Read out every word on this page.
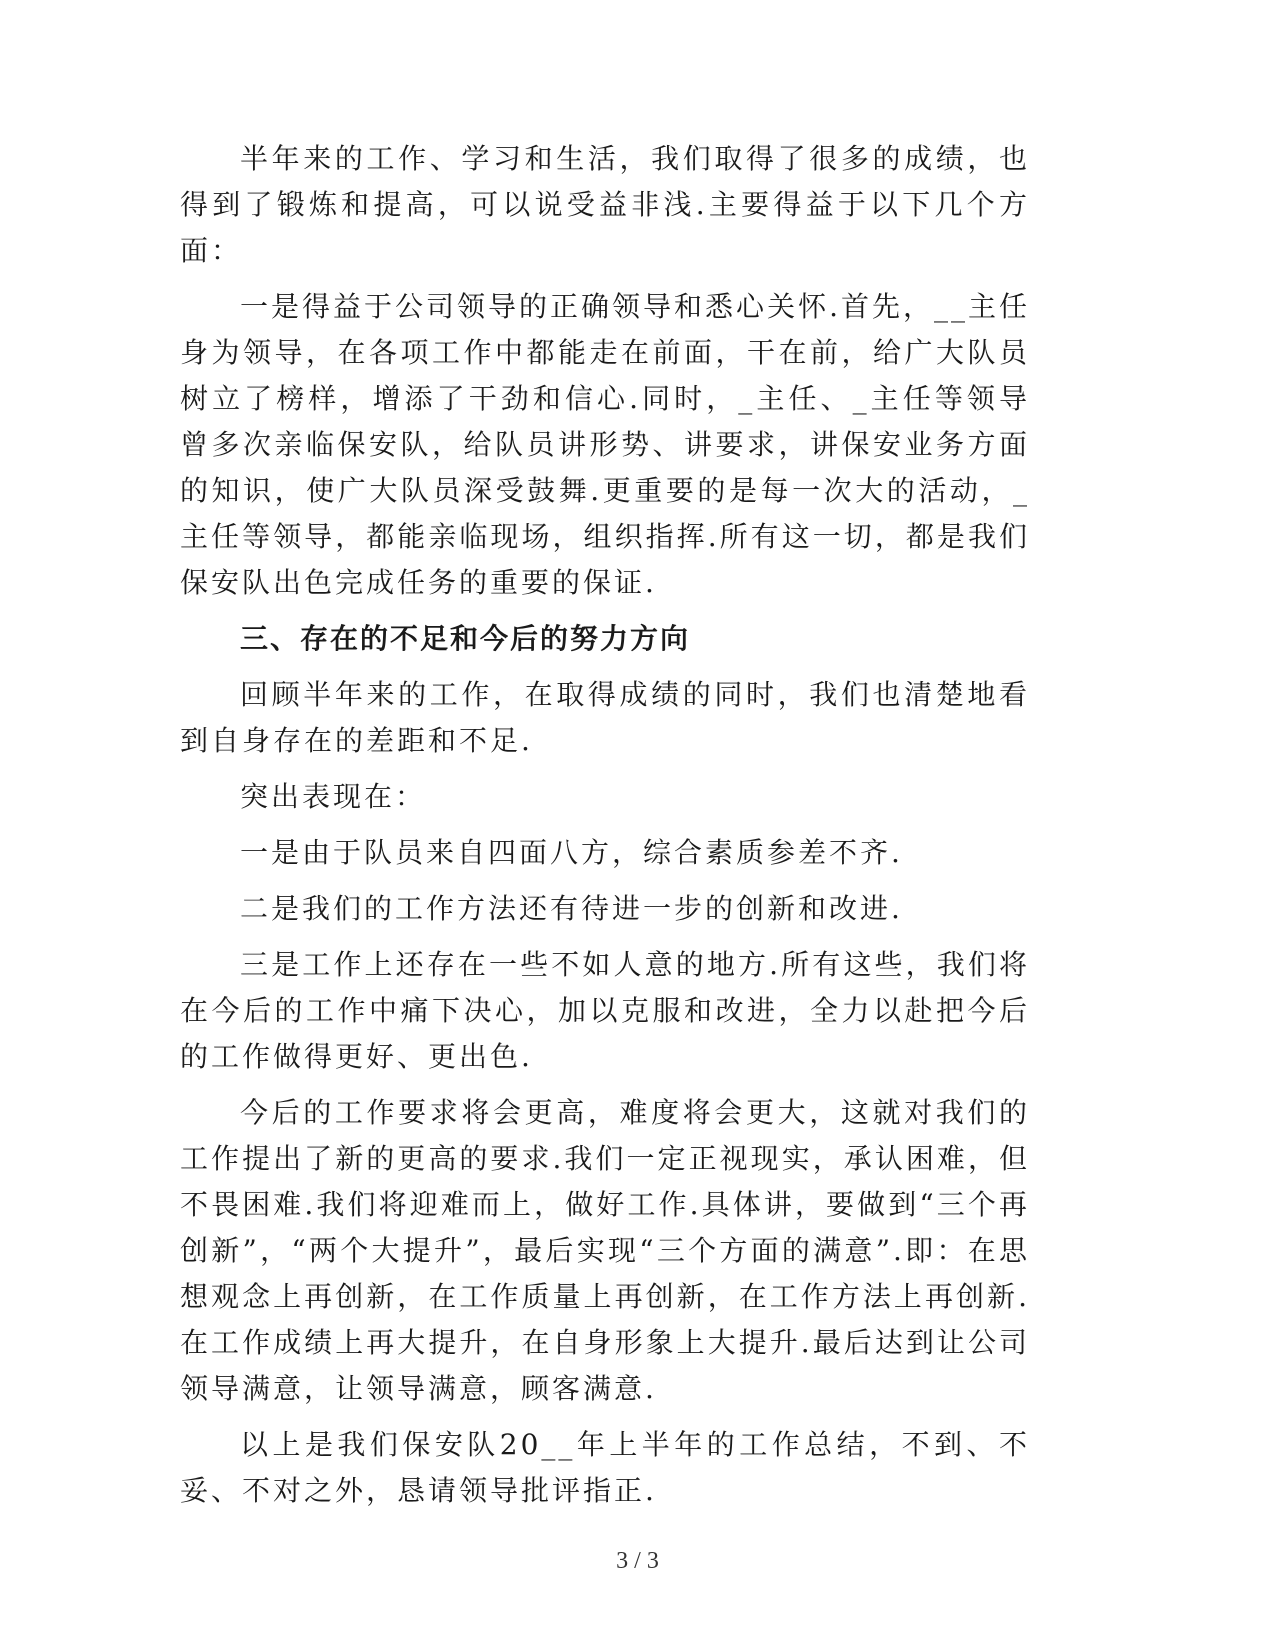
半年来的工作、学习和生活，我们取得了很多的成绩，也得到了锻炼和提高，可以说受益非浅.主要得益于以下几个方面：

一是得益于公司领导的正确领导和悉心关怀.首先，__主任身为领导，在各项工作中都能走在前面，干在前，给广大队员树立了榜样，增添了干劲和信心.同时，_主任、_主任等领导曾多次亲临保安队，给队员讲形势、讲要求，讲保安业务方面的知识，使广大队员深受鼓舞.更重要的是每一次大的活动，_主任等领导，都能亲临现场，组织指挥.所有这一切，都是我们保安队出色完成任务的重要的保证.

三、存在的不足和今后的努力方向

回顾半年来的工作，在取得成绩的同时，我们也清楚地看到自身存在的差距和不足.

突出表现在：

一是由于队员来自四面八方，综合素质参差不齐.

二是我们的工作方法还有待进一步的创新和改进.

三是工作上还存在一些不如人意的地方.所有这些，我们将在今后的工作中痛下决心，加以克服和改进，全力以赴把今后的工作做得更好、更出色.

今后的工作要求将会更高，难度将会更大，这就对我们的工作提出了新的更高的要求.我们一定正视现实，承认困难，但不畏困难.我们将迎难而上，做好工作.具体讲，要做到“三个再创新”，“两个大提升”，最后实现“三个方面的满意”.即：在思想观念上再创新，在工作质量上再创新，在工作方法上再创新.在工作成绩上再大提升，在自身形象上大提升.最后达到让公司领导满意，让领导满意，顾客满意.

以上是我们保安队20__年上半年的工作总结，不到、不妥、不对之外，恳请领导批评指正.

3 / 3
